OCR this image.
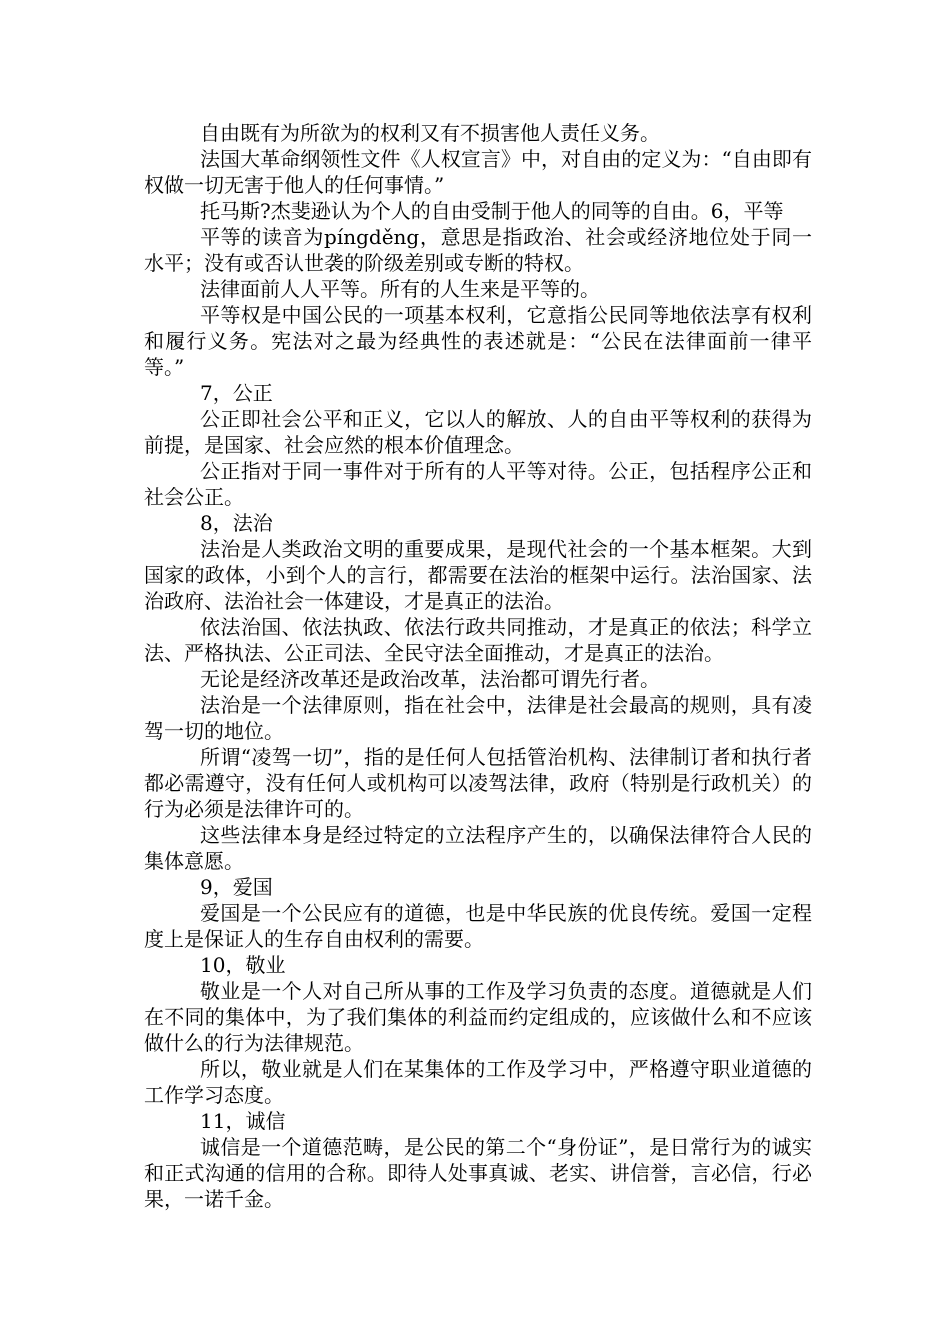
自由既有为所欲为的权利又有不损害他人责任义务。

法国大革命纲领性文件《人权宣言》中，对自由的定义为：“自由即有权做一切无害于他人的任何事情。”

托马斯?杰斐逊认为个人的自由受制于他人的同等的自由。6，平等

平等的读音为píngděng，意思是指政治、社会或经济地位处于同一水平；没有或否认世袭的阶级差别或专断的特权。

法律面前人人平等。所有的人生来是平等的。

平等权是中国公民的一项基本权利，它意指公民同等地依法享有权利和履行义务。宪法对之最为经典性的表述就是：“公民在法律面前一律平等。”

7，公正

公正即社会公平和正义，它以人的解放、人的自由平等权利的获得为前提，是国家、社会应然的根本价值理念。

公正指对于同一事件对于所有的人平等对待。公正，包括程序公正和社会公正。

8，法治

法治是人类政治文明的重要成果，是现代社会的一个基本框架。大到国家的政体，小到个人的言行，都需要在法治的框架中运行。法治国家、法治政府、法治社会一体建设，才是真正的法治。

依法治国、依法执政、依法行政共同推动，才是真正的依法；科学立法、严格执法、公正司法、全民守法全面推动，才是真正的法治。

无论是经济改革还是政治改革，法治都可谓先行者。

法治是一个法律原则，指在社会中，法律是社会最高的规则，具有凌驾一切的地位。

所谓“凌驾一切”，指的是任何人包括管治机构、法律制订者和执行者都必需遵守，没有任何人或机构可以凌驾法律，政府（特别是行政机关）的行为必须是法律许可的。

这些法律本身是经过特定的立法程序产生的，以确保法律符合人民的集体意愿。

9，爱国

爱国是一个公民应有的道德，也是中华民族的优良传统。爱国一定程度上是保证人的生存自由权利的需要。

10，敬业

敬业是一个人对自己所从事的工作及学习负责的态度。道德就是人们在不同的集体中，为了我们集体的利益而约定组成的，应该做什么和不应该做什么的行为法律规范。

所以，敬业就是人们在某集体的工作及学习中，严格遵守职业道德的工作学习态度。

11，诚信

诚信是一个道德范畴，是公民的第二个“身份证”，是日常行为的诚实和正式沟通的信用的合称。即待人处事真诚、老实、讲信誉，言必信，行必果，一诺千金。
